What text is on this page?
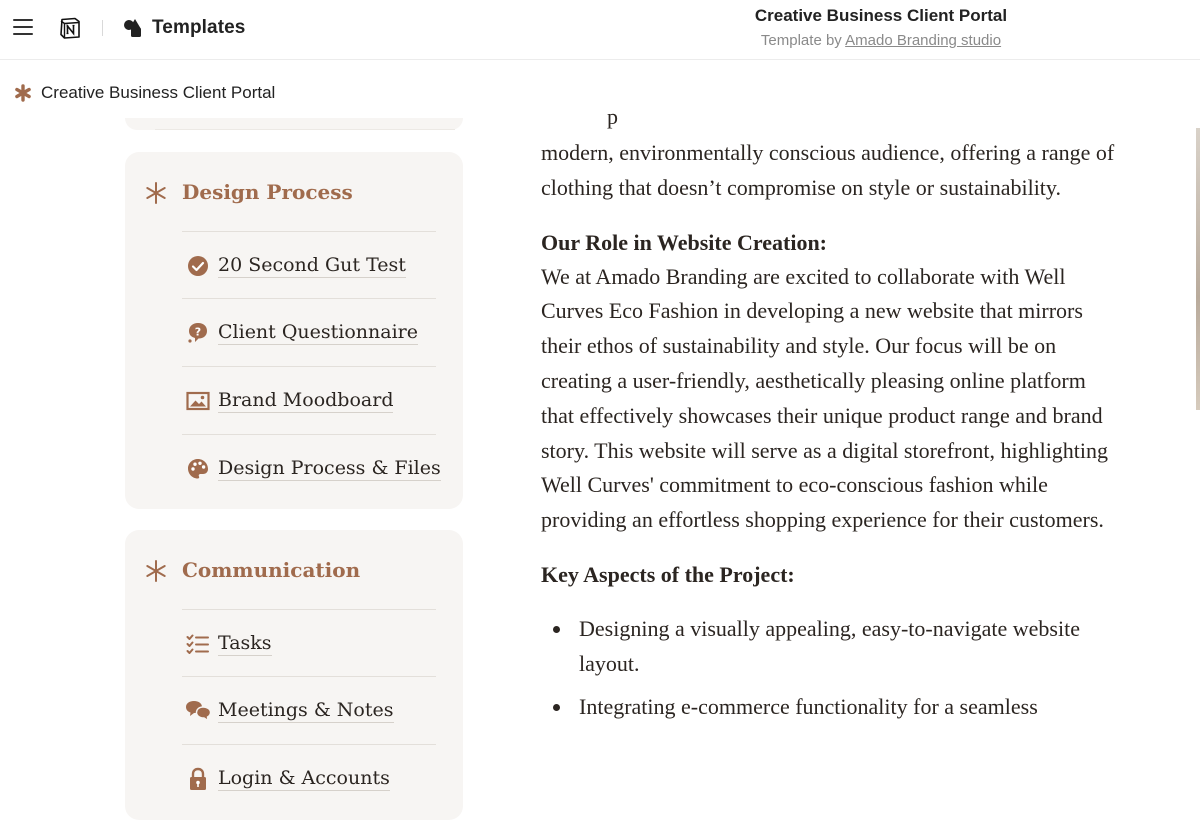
Templates
Creative Business Client Portal
Template by Amado Branding studio
Creative Business Client Portal
Design Process
20 Second Gut Test
? Client Questionnaire
Brand Moodboard
Design Process & Files
Communication
Tasks
Meetings & Notes
Login & Accounts
p

modern, environmentally conscious audience, offering a range of clothing that doesn’t compromise on style or sustainability.

Our Role in Website Creation:

We at Amado Branding are excited to collaborate with Well Curves Eco Fashion in developing a new website that mirrors their ethos of sustainability and style. Our focus will be on creating a user-friendly, aesthetically pleasing online platform that effectively showcases their unique product range and brand story. This website will serve as a digital storefront, highlighting Well Curves' commitment to eco-conscious fashion while providing an effortless shopping experience for their customers.

Key Aspects of the Project:
Designing a visually appealing, easy-to-navigate website layout.
Integrating e-commerce functionality for a seamless
